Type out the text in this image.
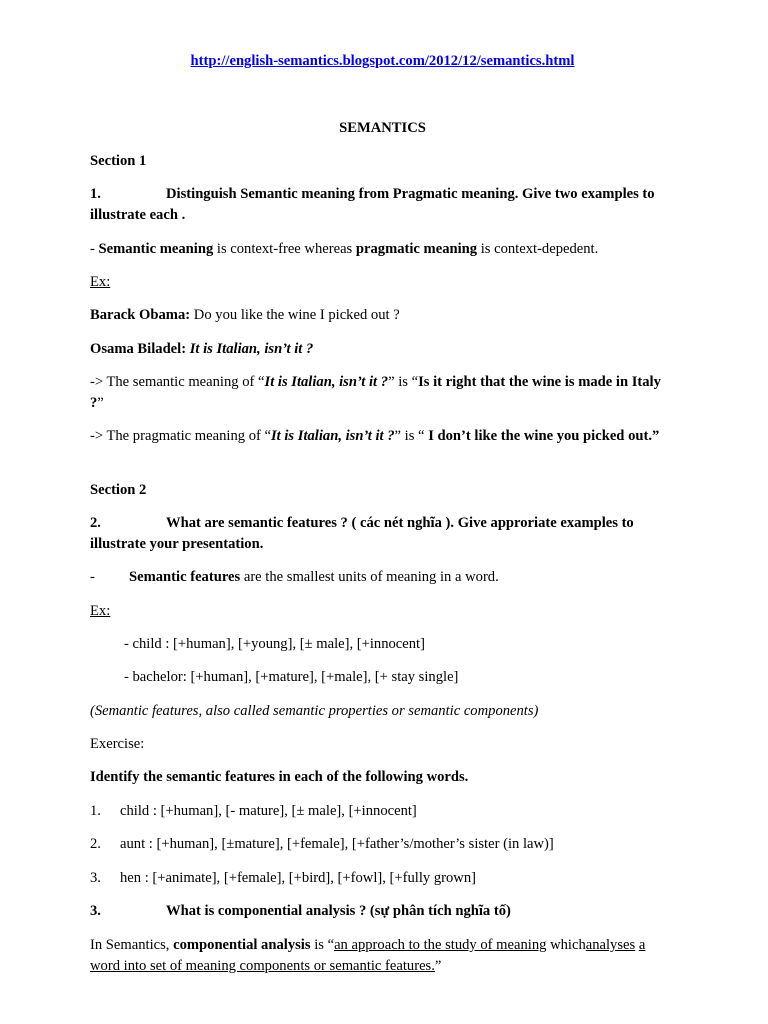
http://english-semantics.blogspot.com/2012/12/semantics.html
SEMANTICS
Section 1
1.	Distinguish Semantic meaning from Pragmatic meaning. Give two examples to illustrate each .
- Semantic meaning is context-free whereas pragmatic meaning is context-depedent.
Ex:
Barack Obama: Do you like the wine I picked out ?
Osama Biladel: It is Italian, isn’t it ?
-> The semantic meaning of “It is Italian, isn’t it ?” is “Is it right that the wine is made in Italy ?”
-> The pragmatic meaning of “It is Italian, isn’t it ?” is “ I don’t like the wine you picked out.”
Section 2
2.	What are semantic features ? ( các nét nghĩa ). Give approriate examples to illustrate your presentation.
- Semantic features are the smallest units of meaning in a word.
Ex:
- child : [+human], [+young], [± male], [+innocent]
- bachelor: [+human], [+mature], [+male], [+ stay single]
(Semantic features, also called semantic properties or semantic components)
Exercise:
Identify the semantic features in each of the following words.
1. child : [+human], [- mature], [± male], [+innocent]
2. aunt : [+human], [±mature], [+female], [+father’s/mother’s sister (in law)]
3. hen : [+animate], [+female], [+bird], [+fowl], [+fully grown]
3.	What is componential analysis ? (sự phân tích nghĩa tố)
In Semantics, componential analysis is “an approach to the study of meaning whichanalyses a word into set of meaning components or semantic features.”
